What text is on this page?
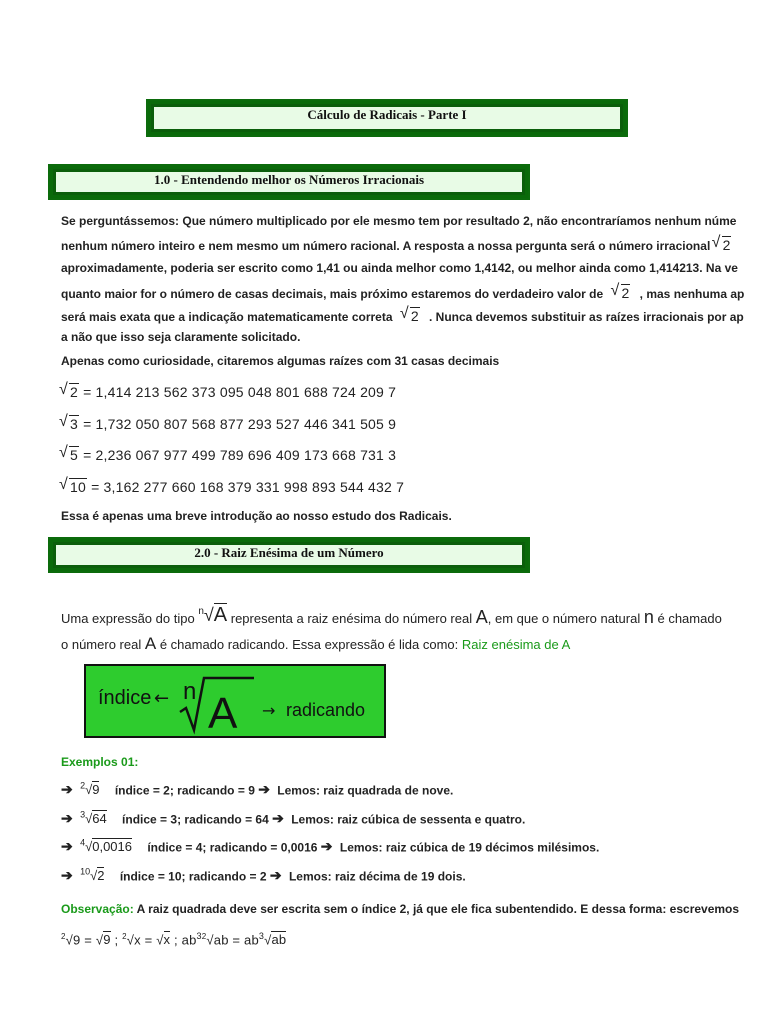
Cálculo de Radicais - Parte I
1.0 - Entendendo melhor os Números Irracionais
Se perguntássemos: Que número multiplicado por ele mesmo tem por resultado 2, não encontraríamos nenhum núme
nenhum número inteiro e nem mesmo um número racional. A resposta a nossa pergunta será o número irracional √ 2
aproximadamente, poderia ser escrito como 1,41 ou ainda melhor como 1,4142, ou melhor ainda como 1,414213. Na ve
quanto maior for o número de casas decimais, mais próximo estaremos do verdadeiro valor de √ 2 , mas nenhuma ap
será mais exata que a indicação matematicamente correta √ 2 . Nunca devemos substituir as raízes irracionais por ap
a não que isso seja claramente solicitado.
Apenas como curiosidade, citaremos algumas raízes com 31 casas decimais
√ 2 = 1,414 213 562 373 095 048 801 688 724 209 7
√ 3 = 1,732 050 807 568 877 293 527 446 341 505 9
√ 5 = 2,236 067 977 499 789 696 409 173 668 731 3
√ 10 = 3,162 277 660 168 379 331 998 893 544 432 7
Essa é apenas uma breve introdução ao nosso estudo dos Radicais.
2.0 - Raiz Enésima de um Número
Uma expressão do tipo $^n$√A representa a raiz enésima do número real A, em que o número natural n é chamado
o número real A é chamado radicando. Essa expressão é lida como: Raiz enésima de A
índice ← n A → radicando
Exemplos 01:
➔ $^2$√9 índice = 2; radicando = 9 ➔ Lemos: raiz quadrada de nove.
➔ $^3$√64 índice = 3; radicando = 64 ➔ Lemos: raiz cúbica de sessenta e quatro.
➔ $^4$√0,0016 índice = 4; radicando = 0,0016 ➔ Lemos: raiz cúbica de 19 décimos milésimos.
➔ $^{10}$√2 índice = 10; radicando = 2 ➔ Lemos: raiz décima de 19 dois.
Observação: A raiz quadrada deve ser escrita sem o índice 2, já que ele fica subentendido. E dessa forma: escrevemos
$^2$√9 = √9 ; $^2$√x = √x ; $ab^{32}√ab = ab^3√ab$
